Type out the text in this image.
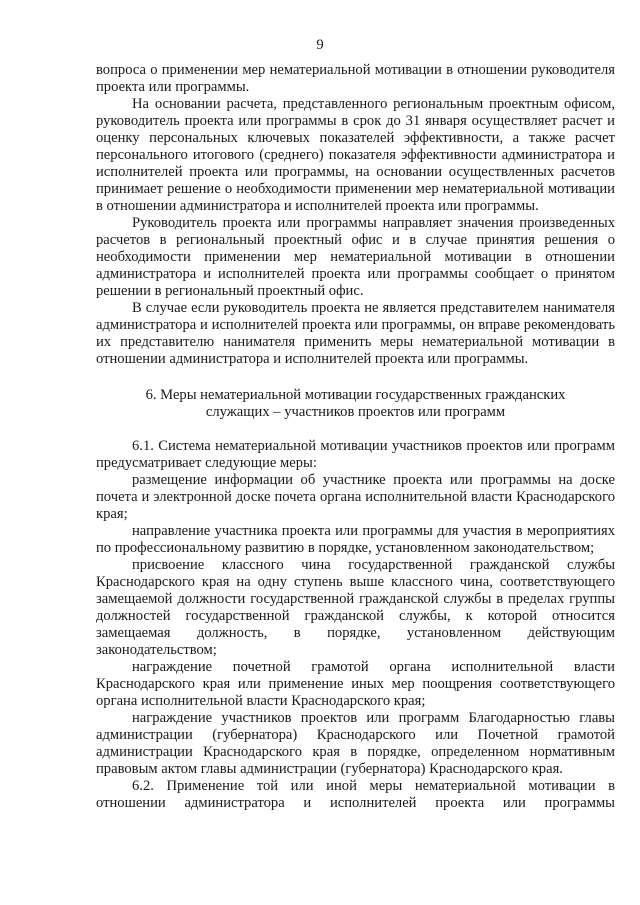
9

вопроса о применении мер нематериальной мотивации в отношении руководителя проекта или программы.

На основании расчета, представленного региональным проектным офисом, руководитель проекта или программы в срок до 31 января осуществляет расчет и оценку персональных ключевых показателей эффективности, а также расчет персонального итогового (среднего) показателя эффективности администратора и исполнителей проекта или программы, на основании осуществленных расчетов принимает решение о необходимости применении мер нематериальной мотивации в отношении администратора и исполнителей проекта или программы.

Руководитель проекта или программы направляет значения произведенных расчетов в региональный проектный офис и в случае принятия решения о необходимости применении мер нематериальной мотивации в отношении администратора и исполнителей проекта или программы сообщает о принятом решении в региональный проектный офис.

В случае если руководитель проекта не является представителем нанимателя администратора и исполнителей проекта или программы, он вправе рекомендовать их представителю нанимателя применить меры нематериальной мотивации в отношении администратора и исполнителей проекта или программы.

6. Меры нематериальной мотивации государственных гражданских

служащих – участников проектов или программ

6.1. Система нематериальной мотивации участников проектов или программ предусматривает следующие меры:

размещение информации об участнике проекта или программы на доске почета и электронной доске почета органа исполнительной власти Краснодарского края;

направление участника проекта или программы для участия в мероприятиях по профессиональному развитию в порядке, установленном законодательством;

присвоение классного чина государственной гражданской службы Краснодарского края на одну ступень выше классного чина, соответствующего замещаемой должности государственной гражданской службы в пределах группы должностей государственной гражданской службы, к которой относится замещаемая должность, в порядке, установленном действующим законодательством;

награждение почетной грамотой органа исполнительной власти Краснодарского края или применение иных мер поощрения соответствующего органа исполнительной власти Краснодарского края;

награждение участников проектов или программ Благодарностью главы администрации (губернатора) Краснодарского или Почетной грамотой администрации Краснодарского края в порядке, определенном нормативным правовым актом главы администрации (губернатора) Краснодарского края.

6.2. Применение той или иной меры нематериальной мотивации в отношении администратора и исполнителей проекта или программы
